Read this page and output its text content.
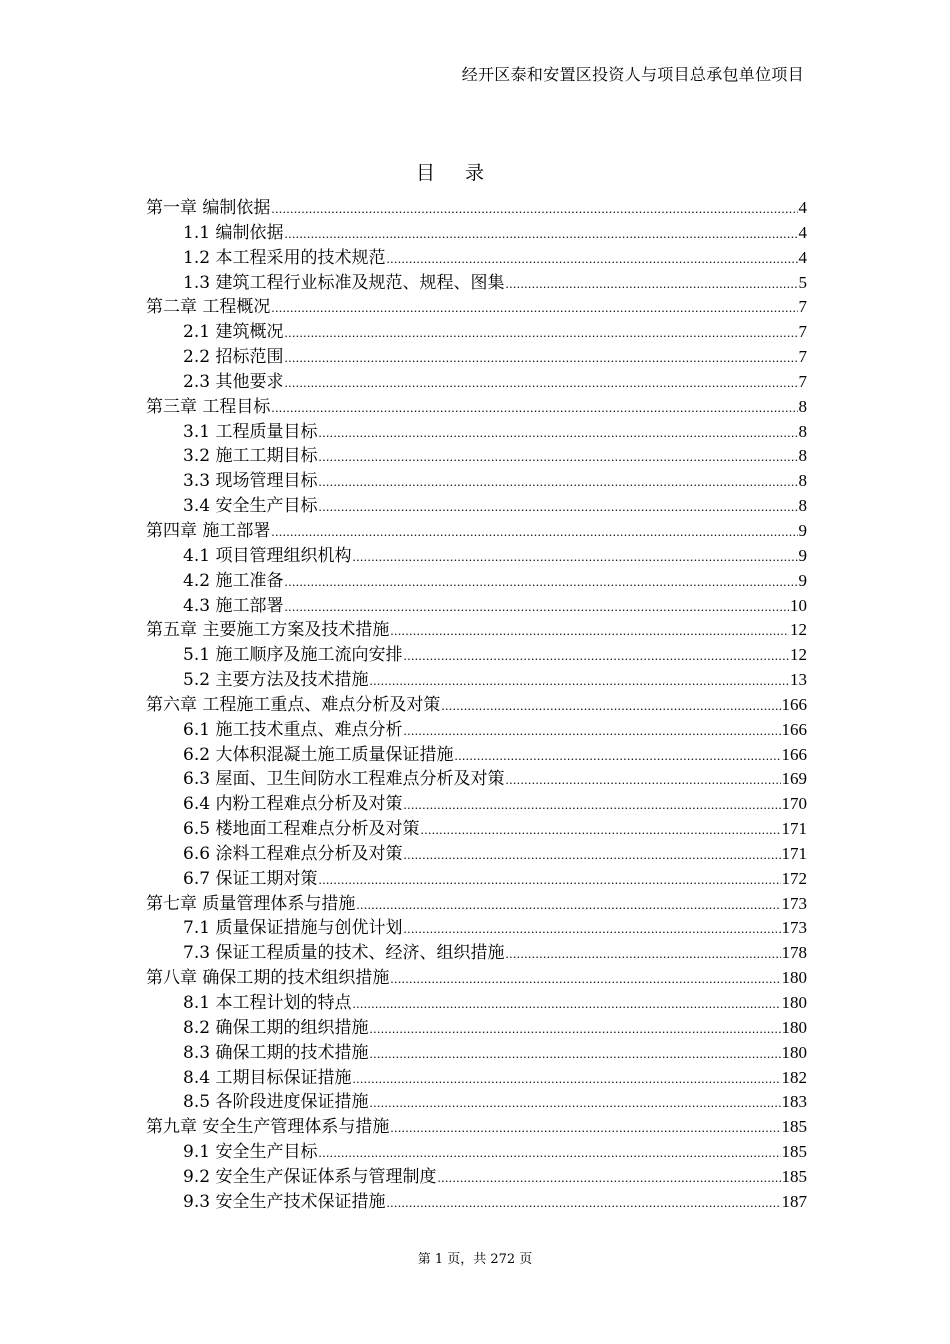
经开区泰和安置区投资人与项目总承包单位项目
目 录
第一章 编制依据 .....	4
1.1 编制依据 .....	4
1.2 本工程采用的技术规范 .....	4
1.3 建筑工程行业标准及规范、规程、图集 .....	5
第二章 工程概况 .....	7
2.1 建筑概况 .....	7
2.2 招标范围 .....	7
2.3 其他要求 .....	7
第三章 工程目标 .....	8
3.1 工程质量目标 .....	8
3.2 施工工期目标 .....	8
3.3 现场管理目标 .....	8
3.4 安全生产目标 .....	8
第四章 施工部署 .....	9
4.1 项目管理组织机构 .....	9
4.2 施工准备 .....	9
4.3 施工部署 .....	10
第五章 主要施工方案及技术措施 .....	12
5.1 施工顺序及施工流向安排 .....	12
5.2 主要方法及技术措施 .....	13
第六章 工程施工重点、难点分析及对策 .....	166
6.1 施工技术重点、难点分析 .....	166
6.2 大体积混凝土施工质量保证措施 .....	166
6.3 屋面、卫生间防水工程难点分析及对策 .....	169
6.4 内粉工程难点分析及对策 .....	170
6.5 楼地面工程难点分析及对策 .....	171
6.6 涂料工程难点分析及对策 .....	171
6.7 保证工期对策 .....	172
第七章 质量管理体系与措施 .....	173
7.1 质量保证措施与创优计划 .....	173
7.3 保证工程质量的技术、经济、组织措施 .....	178
第八章 确保工期的技术组织措施 .....	180
8.1 本工程计划的特点 .....	180
8.2 确保工期的组织措施 .....	180
8.3 确保工期的技术措施 .....	180
8.4 工期目标保证措施 .....	182
8.5 各阶段进度保证措施 .....	183
第九章 安全生产管理体系与措施 .....	185
9.1 安全生产目标 .....	185
9.2 安全生产保证体系与管理制度 .....	185
9.3 安全生产技术保证措施 .....	187
第 1 页，共 272 页
